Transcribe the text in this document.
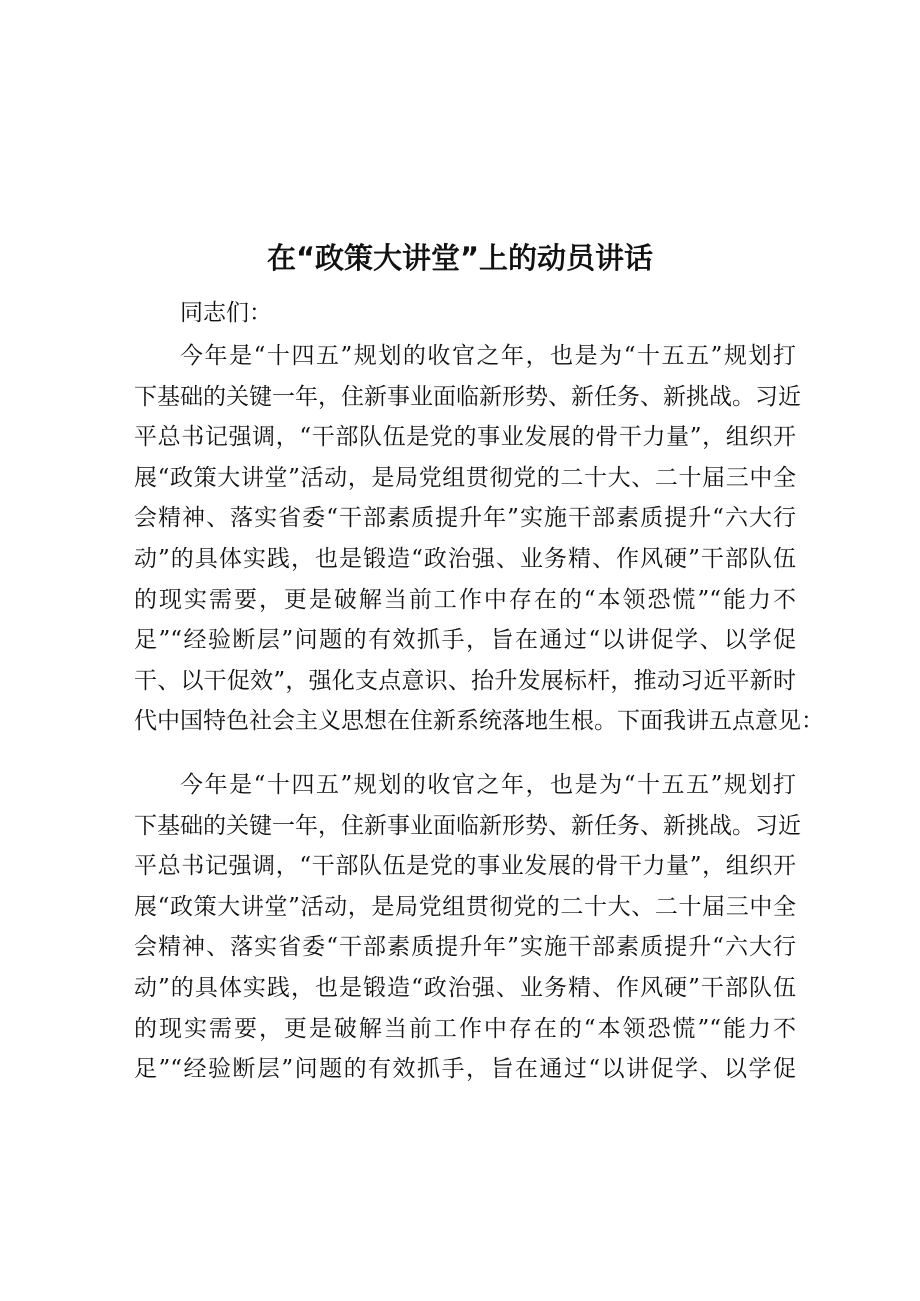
在“政策大讲堂”上的动员讲话

同志们：

今年是“十四五”规划的收官之年，也是为“十五五”规划打
下基础的关键一年，住新事业面临新形势、新任务、新挑战。习近
平总书记强调，“干部队伍是党的事业发展的骨干力量”，组织开
展“政策大讲堂”活动，是局党组贯彻党的二十大、二十届三中全
会精神、落实省委“干部素质提升年”实施干部素质提升“六大行
动”的具体实践，也是锻造“政治强、业务精、作风硬”干部队伍
的现实需要，更是破解当前工作中存在的“本领恐慌”“能力不
足”“经验断层”问题的有效抓手，旨在通过“以讲促学、以学促
干、以干促效”，强化支点意识、抬升发展标杆，推动习近平新时
代中国特色社会主义思想在住新系统落地生根。下面我讲五点意见：
今年是“十四五”规划的收官之年，也是为“十五五”规划打
下基础的关键一年，住新事业面临新形势、新任务、新挑战。习近
平总书记强调，“干部队伍是党的事业发展的骨干力量”，组织开
展“政策大讲堂”活动，是局党组贯彻党的二十大、二十届三中全
会精神、落实省委“干部素质提升年”实施干部素质提升“六大行
动”的具体实践，也是锻造“政治强、业务精、作风硬”干部队伍
的现实需要，更是破解当前工作中存在的“本领恐慌”“能力不
足”“经验断层”问题的有效抓手，旨在通过“以讲促学、以学促
